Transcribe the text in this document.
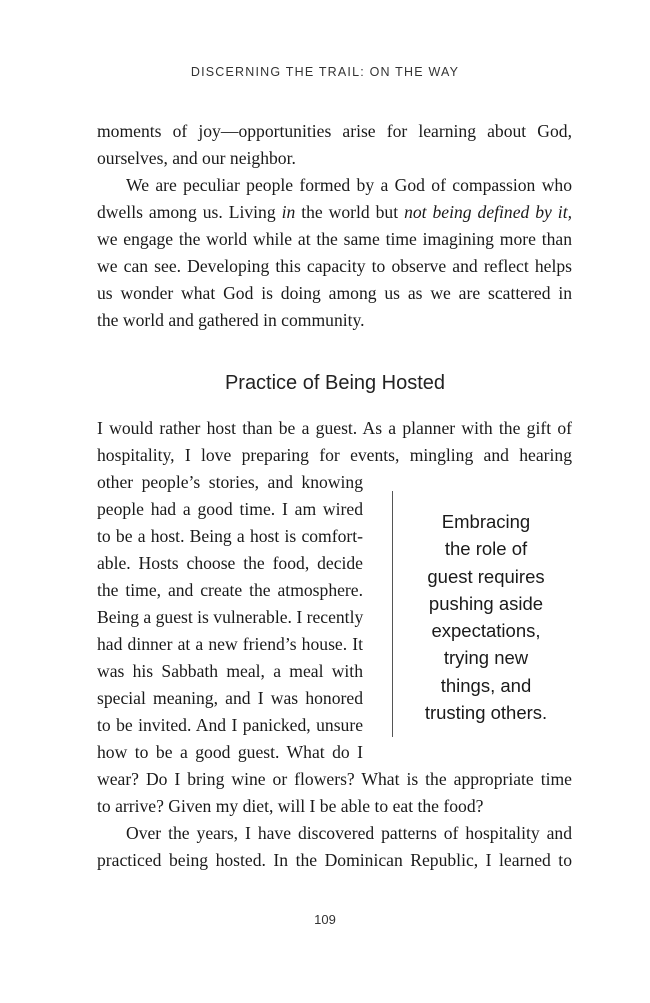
DISCERNING THE TRAIL: ON THE WAY
moments of joy—opportunities arise for learning about God,
ourselves, and our neighbor.
We are peculiar people formed by a God of compassion who
dwells among us. Living in the world but not being defined by it,
we engage the world while at the same time imagining more than
we can see. Developing this capacity to observe and reflect helps
us wonder what God is doing among us as we are scattered in
the world and gathered in community.
Practice of Being Hosted
I would rather host than be a guest. As a planner with the gift of
hospitality, I love preparing for events, mingling and hearing
other people’s stories, and knowing
people had a good time. I am wired
to be a host. Being a host is comfort-
able. Hosts choose the food, decide
the time, and create the atmosphere.
Being a guest is vulnerable. I recently
had dinner at a new friend’s house. It
was his Sabbath meal, a meal with
special meaning, and I was honored
to be invited. And I panicked, unsure
how to be a good guest. What do I
wear? Do I bring wine or flowers? What is the appropriate time
to arrive? Given my diet, will I be able to eat the food?
Over the years, I have discovered patterns of hospitality and
practiced being hosted. In the Dominican Republic, I learned to
Embracing
the role of
guest requires
pushing aside
expectations,
trying new
things, and
trusting others.
109
